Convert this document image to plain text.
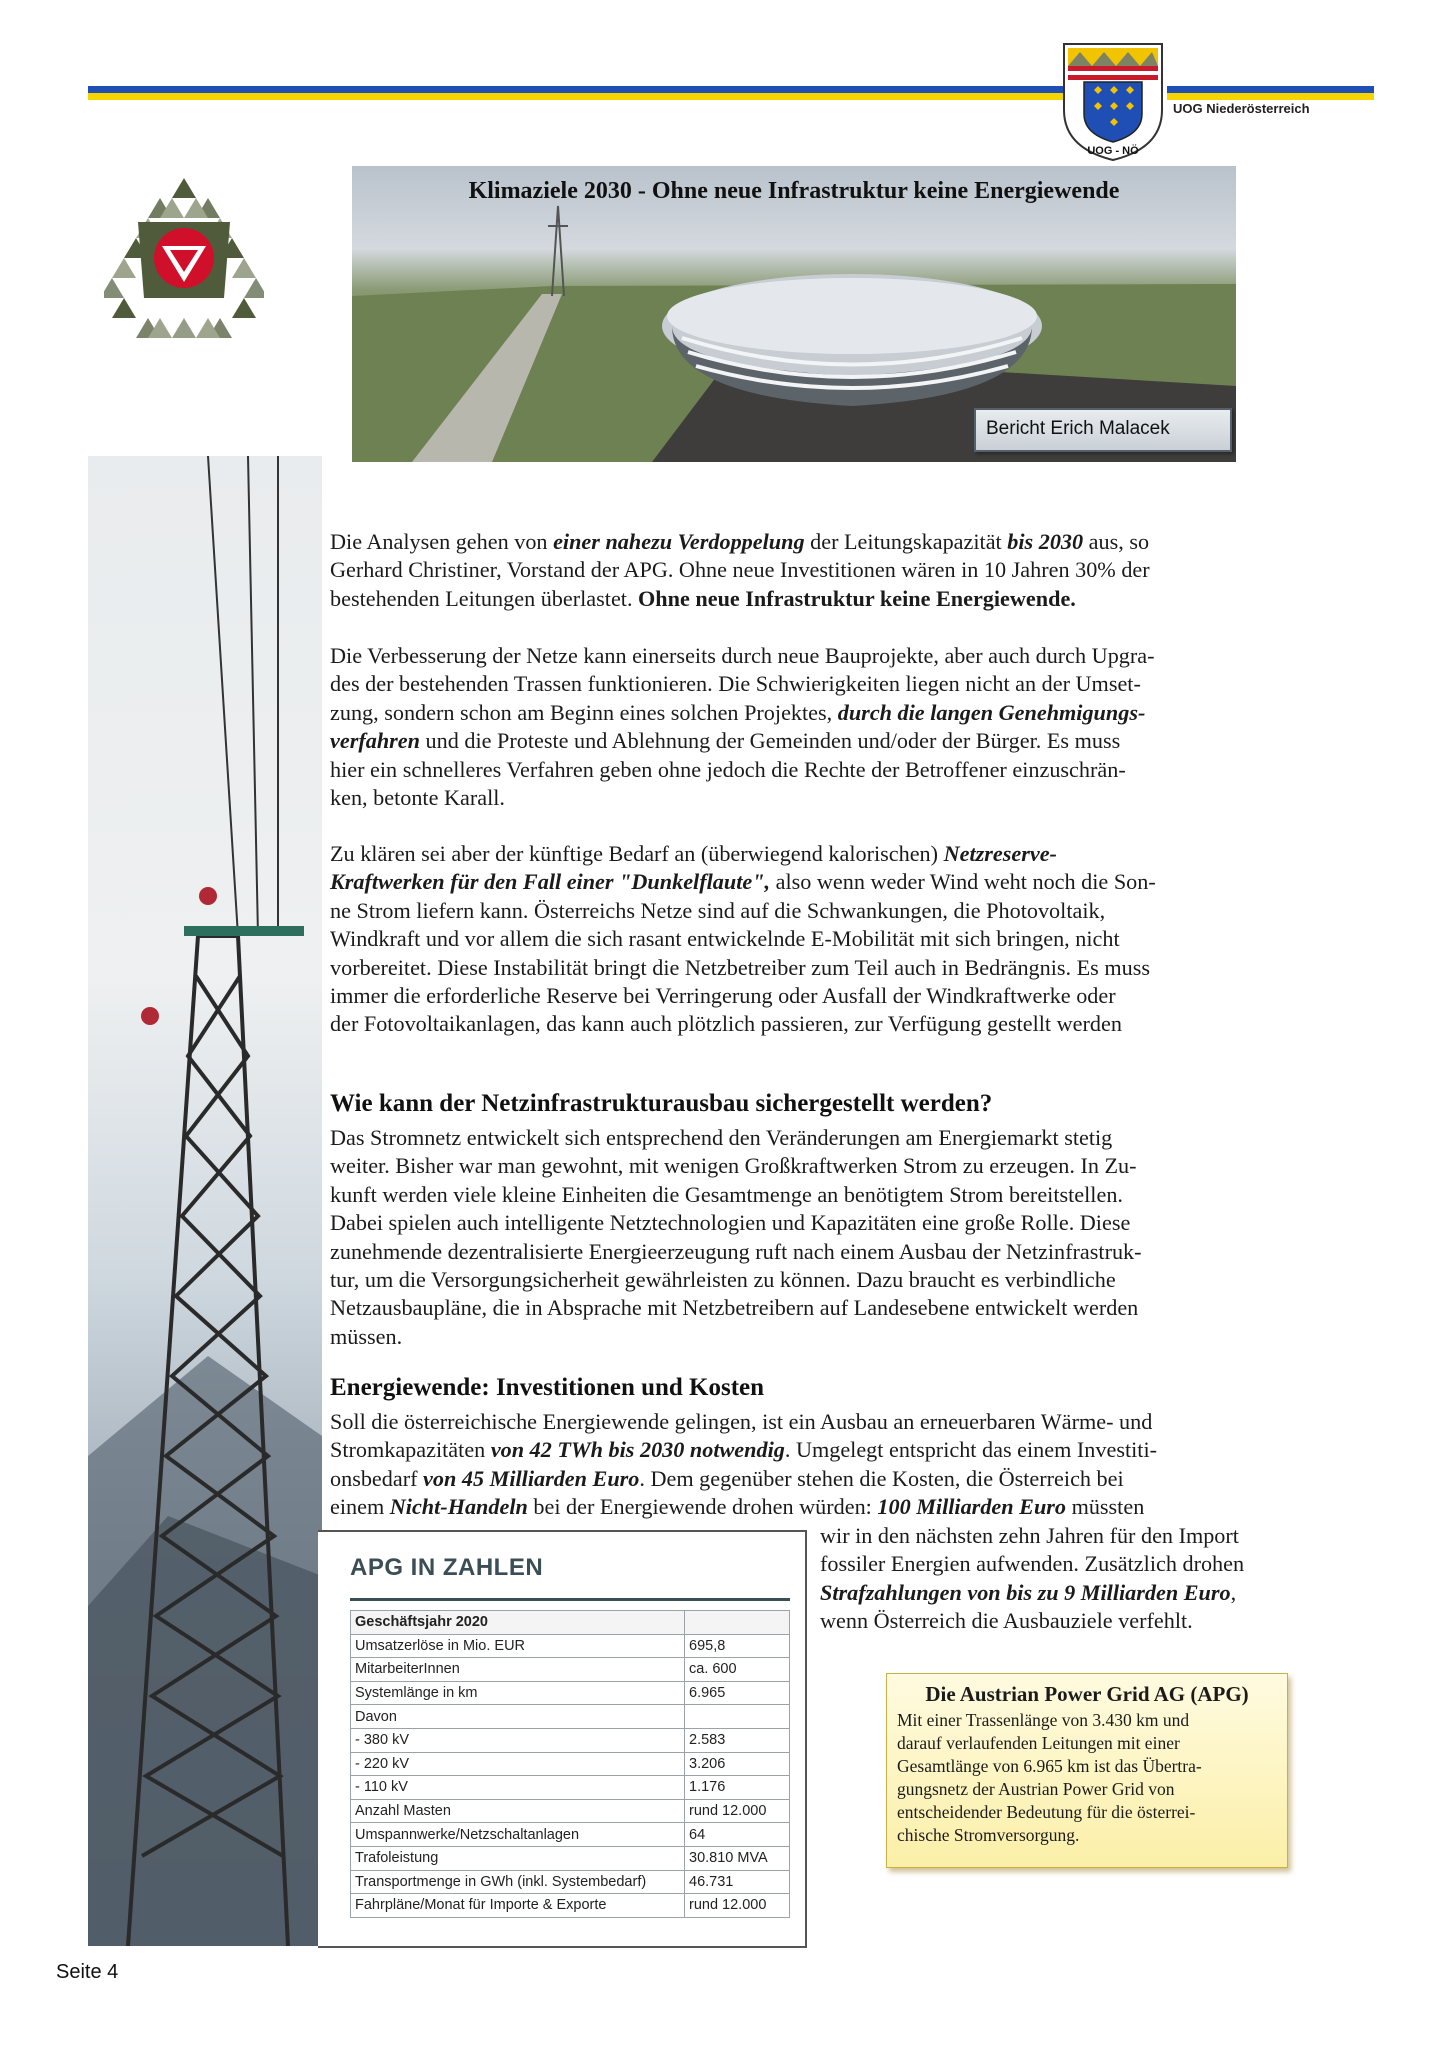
UOG - NÖ
UOG Niederösterreich
UNSER HEER
Klimaziele 2030 - Ohne neue Infrastruktur keine Energiewende
Bericht Erich Malacek

Die Analysen gehen von einer nahezu Verdoppelung der Leitungskapazität bis 2030 aus, so

Gerhard Christiner, Vorstand der APG. Ohne neue Investitionen wären in 10 Jahren 30% der

bestehenden Leitungen überlastet. Ohne neue Infrastruktur keine Energiewende.

Die Verbesserung der Netze kann einerseits durch neue Bauprojekte, aber auch durch Upgra-

des der bestehenden Trassen funktionieren. Die Schwierigkeiten liegen nicht an der Umset-

zung, sondern schon am Beginn eines solchen Projektes, durch die langen Genehmigungs-

verfahren und die Proteste und Ablehnung der Gemeinden und/oder der Bürger. Es muss

hier ein schnelleres Verfahren geben ohne jedoch die Rechte der Betroffener einzuschrän-

ken, betonte Karall.

Zu klären sei aber der künftige Bedarf an (überwiegend kalorischen) Netzreserve-

Kraftwerken für den Fall einer "Dunkelflaute", also wenn weder Wind weht noch die Son-

ne Strom liefern kann. Österreichs Netze sind auf die Schwankungen, die Photovoltaik,

Windkraft und vor allem die sich rasant entwickelnde E-Mobilität mit sich bringen, nicht

vorbereitet. Diese Instabilität bringt die Netzbetreiber zum Teil auch in Bedrängnis. Es muss

immer die erforderliche Reserve bei Verringerung oder Ausfall der Windkraftwerke oder

der Fotovoltaikanlagen, das kann auch plötzlich passieren, zur Verfügung gestellt werden

Wie kann der Netzinfrastrukturausbau sichergestellt werden?

Das Stromnetz entwickelt sich entsprechend den Veränderungen am Energiemarkt stetig

weiter. Bisher war man gewohnt, mit wenigen Großkraftwerken Strom zu erzeugen. In Zu-

kunft werden viele kleine Einheiten die Gesamtmenge an benötigtem Strom bereitstellen.

Dabei spielen auch intelligente Netztechnologien und Kapazitäten eine große Rolle. Diese

zunehmende dezentralisierte Energieerzeugung ruft nach einem Ausbau der Netzinfrastruk-

tur, um die Versorgungsicherheit gewährleisten zu können. Dazu braucht es verbindliche

Netzausbaupläne, die in Absprache mit Netzbetreibern auf Landesebene entwickelt werden

müssen.

Energiewende: Investitionen und Kosten

Soll die österreichische Energiewende gelingen, ist ein Ausbau an erneuerbaren Wärme- und

Stromkapazitäten von 42 TWh bis 2030 notwendig. Umgelegt entspricht das einem Investiti-

onsbedarf von 45 Milliarden Euro. Dem gegenüber stehen die Kosten, die Österreich bei

einem Nicht-Handeln bei der Energiewende drohen würden: 100 Milliarden Euro müssten

wir in den nächsten zehn Jahren für den Import

fossiler Energien aufwenden. Zusätzlich drohen

Strafzahlungen von bis zu 9 Milliarden Euro,

wenn Österreich die Ausbauziele verfehlt.

APG IN ZAHLEN
Geschäftsjahr 2020	
Umsatzerlöse in Mio. EUR	695,8
MitarbeiterInnen	ca. 600
Systemlänge in km	6.965
Davon	
- 380 kV	2.583
- 220 kV	3.206
- 110 kV	1.176
Anzahl Masten	rund 12.000
Umspannwerke/Netzschaltanlagen	64
Trafoleistung	30.810 MVA
Transportmenge in GWh (inkl. Systembedarf)	46.731
Fahrpläne/Monat für Importe & Exporte	rund 12.000
Die Austrian Power Grid AG (APG)
Mit einer Trassenlänge von 3.430 km und
darauf verlaufenden Leitungen mit einer
Gesamtlänge von 6.965 km ist das Übertra-
gungsnetz der Austrian Power Grid von
entscheidender Bedeutung für die österrei-
chische Stromversorgung.
Seite 4
